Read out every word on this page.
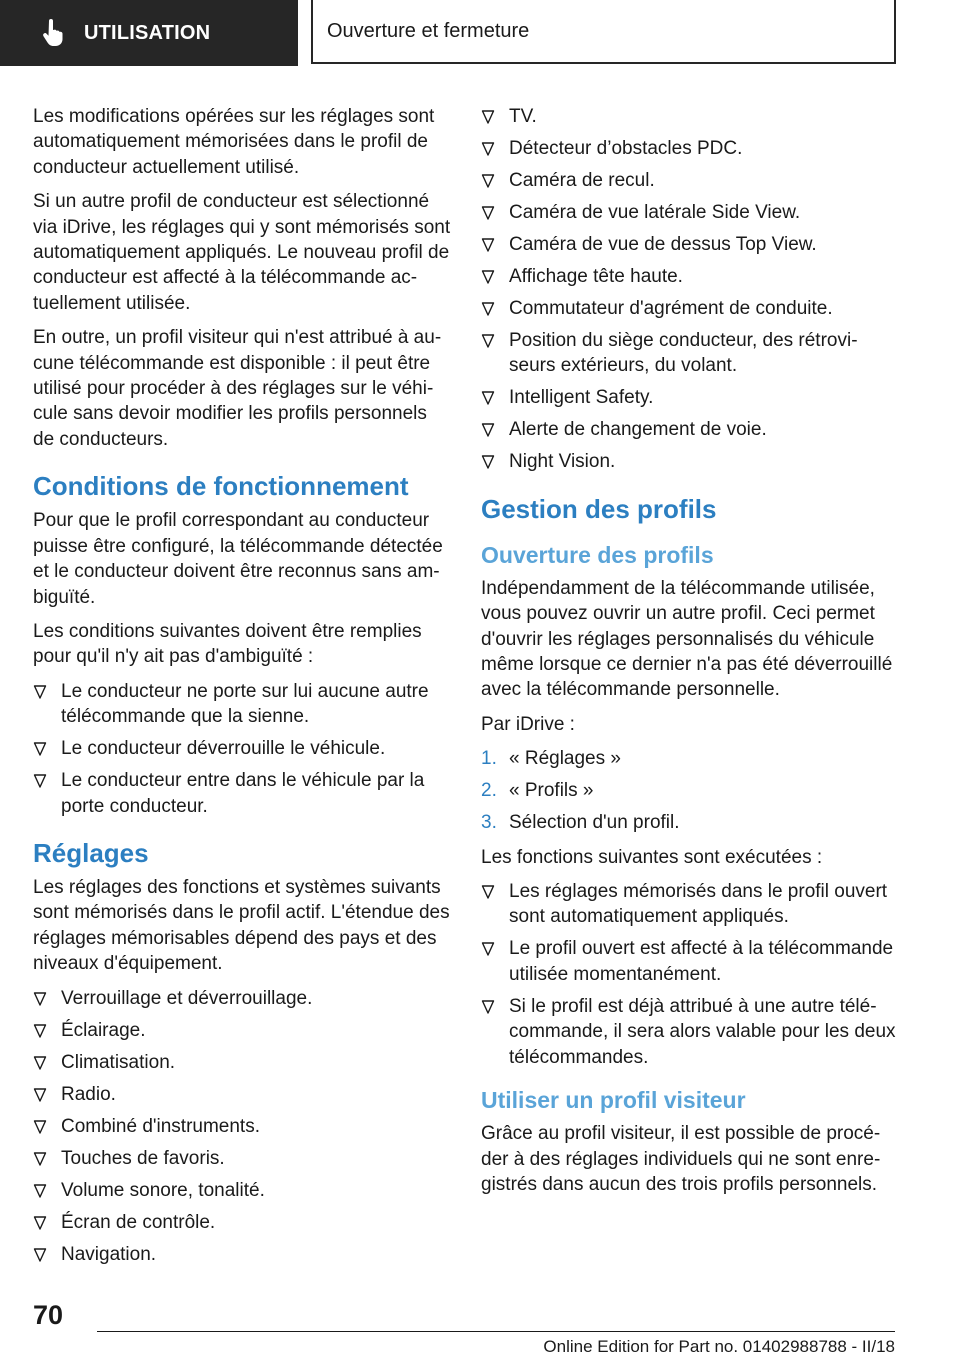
UTILISATION	Ouverture et fermeture

Les modifications opérées sur les réglages sont automatiquement mémorisées dans le profil de conducteur actuellement utilisé.

Si un autre profil de conducteur est sélectionné via iDrive, les réglages qui y sont mémorisés sont automatiquement appliqués. Le nouveau profil de conducteur est affecté à la télécommande actuellement utilisée.

En outre, un profil visiteur qui n'est attribué à aucune télécommande est disponible : il peut être utilisé pour procéder à des réglages sur le véhicule sans devoir modifier les profils personnels de conducteurs.

Conditions de fonctionnement

Pour que le profil correspondant au conducteur puisse être configuré, la télécommande détectée et le conducteur doivent être reconnus sans ambiguïté.

Les conditions suivantes doivent être remplies pour qu'il n'y ait pas d'ambiguïté :

Le conducteur ne porte sur lui aucune autre télécommande que la sienne.
Le conducteur déverrouille le véhicule.
Le conducteur entre dans le véhicule par la porte conducteur.
Réglages

Les réglages des fonctions et systèmes suivants sont mémorisés dans le profil actif. L'étendue des réglages mémorisables dépend des pays et des niveaux d'équipement.

Verrouillage et déverrouillage.
Éclairage.
Climatisation.
Radio.
Combiné d'instruments.
Touches de favoris.
Volume sonore, tonalité.
Écran de contrôle.
Navigation.
TV.
Détecteur d’obstacles PDC.
Caméra de recul.
Caméra de vue latérale Side View.
Caméra de vue de dessus Top View.
Affichage tête haute.
Commutateur d'agrément de conduite.
Position du siège conducteur, des rétroviseurs extérieurs, du volant.
Intelligent Safety.
Alerte de changement de voie.
Night Vision.
Gestion des profils
Ouverture des profils

Indépendamment de la télécommande utilisée, vous pouvez ouvrir un autre profil. Ceci permet d'ouvrir les réglages personnalisés du véhicule même lorsque ce dernier n'a pas été déverrouillé avec la télécommande personnelle.

Par iDrive :

1. « Réglages »
2. « Profils »
3. Sélection d'un profil.

Les fonctions suivantes sont exécutées :

Les réglages mémorisés dans le profil ouvert sont automatiquement appliqués.
Le profil ouvert est affecté à la télécommande utilisée momentanément.
Si le profil est déjà attribué à une autre télécommande, il sera alors valable pour les deux télécommandes.
Utiliser un profil visiteur

Grâce au profil visiteur, il est possible de procéder à des réglages individuels qui ne sont enregistrés dans aucun des trois profils personnels.

70
Online Edition for Part no. 01402988788 - II/18
